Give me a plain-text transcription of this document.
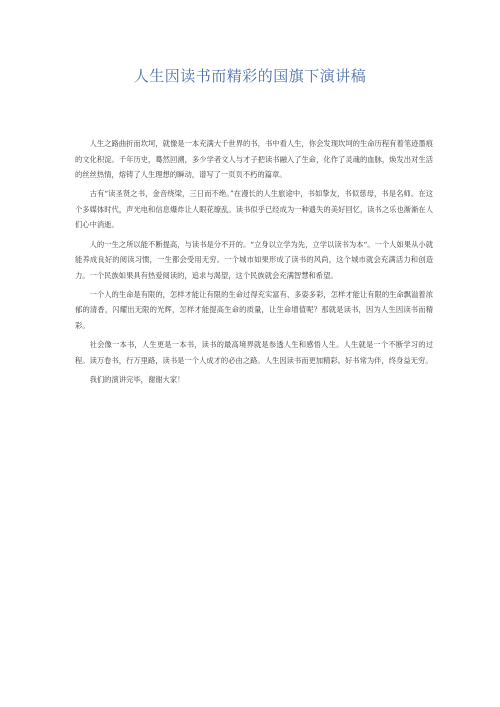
人生因读书而精彩的国旗下演讲稿

人生之路曲折而坎坷，就像是一本充满大千世界的书，书中看人生，你会发现坎坷的生命历程有着笔迹墨痕的文化积淀。千年历史，蓦然回溯，多少学者文人与才子把读书融入了生命，化作了灵魂的血脉，焕发出对生活的丝丝热情，熔铸了人生理想的瞬动，谱写了一页页不朽的篇章。

古有“读圣贤之书，金音绕梁，三日而不绝。”在漫长的人生旅途中，书如挚友，书似慈母，书是名师。在这个多媒体时代，声光电和信息爆炸让人眼花缭乱。读书似乎已经成为一种遗失的美好回忆，读书之乐也渐渐在人们心中消逝。

人的一生之所以能不断提高，与读书是分不开的。“立身以立学为先，立学以读书为本“。一个人如果从小就能养成良好的阅读习惯，一生都会受用无穷。一个城市如果形成了读书的风尚，这个城市就会充满活力和创造力。一个民族如果具有热爱阅读的，追求与渴望，这个民族就会充满智慧和希望。

一个人的生命是有限的，怎样才能让有限的生命过得充实富有、多姿多彩，怎样才能让有限的生命飘溢着浓郁的清香，闪耀出无限的光辉，怎样才能提高生命的质量，让生命增值呢？那就是读书，因为人生因读书而精彩。

社会像一本书，人生更是一本书，读书的最高境界就是参透人生和感悟人生。人生就是一个不断学习的过程。读万卷书，行万里路，读书是一个人成才的必由之路。人生因读书而更加精彩。好书常为伴，终身益无穷。

我们的演讲完毕，谢谢大家！
